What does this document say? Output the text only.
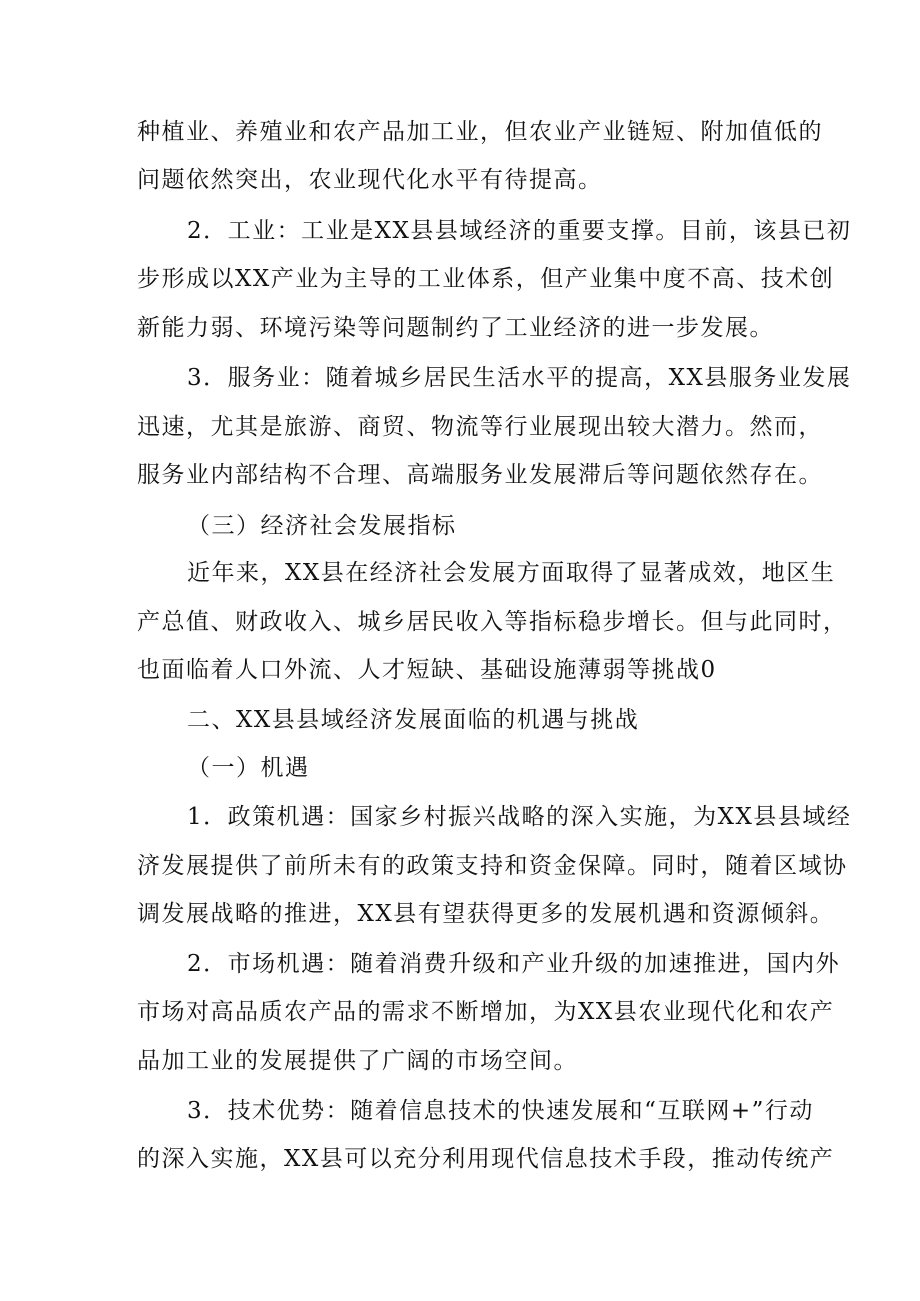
种植业、养殖业和农产品加工业，但农业产业链短、附加值低的
问题依然突出，农业现代化水平有待提高。
2．工业：工业是XX县县域经济的重要支撑。目前，该县已初
步形成以XX产业为主导的工业体系，但产业集中度不高、技术创
新能力弱、环境污染等问题制约了工业经济的进一步发展。
3．服务业：随着城乡居民生活水平的提高，XX县服务业发展
迅速，尤其是旅游、商贸、物流等行业展现出较大潜力。然而，
服务业内部结构不合理、高端服务业发展滞后等问题依然存在。
（三）经济社会发展指标
近年来，XX县在经济社会发展方面取得了显著成效，地区生
产总值、财政收入、城乡居民收入等指标稳步增长。但与此同时，
也面临着人口外流、人才短缺、基础设施薄弱等挑战0
二、XX县县域经济发展面临的机遇与挑战
（一）机遇
1．政策机遇：国家乡村振兴战略的深入实施，为XX县县域经
济发展提供了前所未有的政策支持和资金保障。同时，随着区域协
调发展战略的推进，XX县有望获得更多的发展机遇和资源倾斜。
2．市场机遇：随着消费升级和产业升级的加速推进，国内外
市场对高品质农产品的需求不断增加，为XX县农业现代化和农产
品加工业的发展提供了广阔的市场空间。
3．技术优势：随着信息技术的快速发展和“互联网+”行动
的深入实施，XX县可以充分利用现代信息技术手段，推动传统产
